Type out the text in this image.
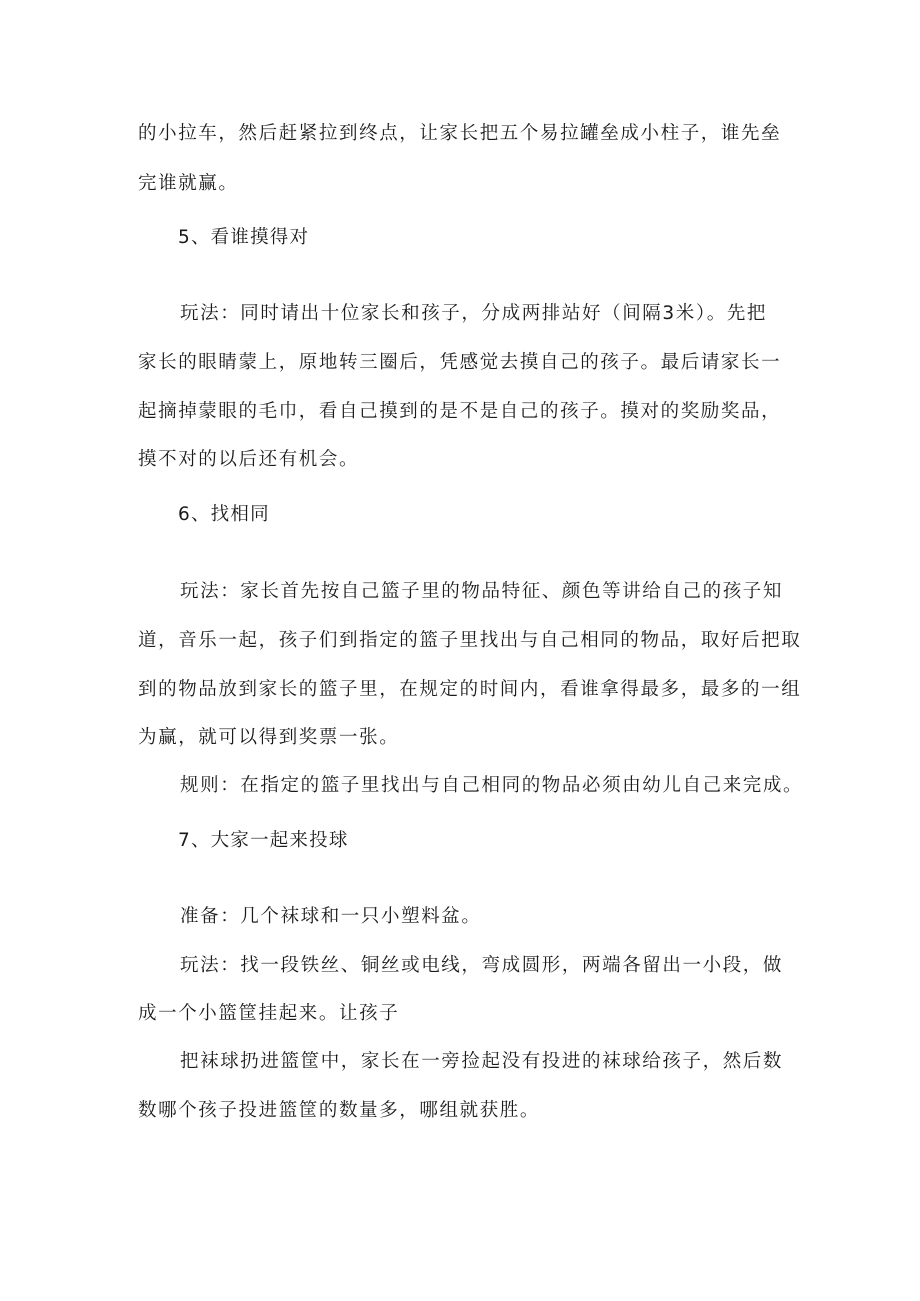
的小拉车，然后赶紧拉到终点，让家长把五个易拉罐垒成小柱子，谁先垒
完谁就赢。
5、看谁摸得对
玩法：同时请出十位家长和孩子，分成两排站好（间隔3米）。先把
家长的眼睛蒙上，原地转三圈后，凭感觉去摸自己的孩子。最后请家长一
起摘掉蒙眼的毛巾，看自己摸到的是不是自己的孩子。摸对的奖励奖品，
摸不对的以后还有机会。
6、找相同
玩法：家长首先按自己篮子里的物品特征、颜色等讲给自己的孩子知
道，音乐一起，孩子们到指定的篮子里找出与自己相同的物品，取好后把取
到的物品放到家长的篮子里，在规定的时间内，看谁拿得最多，最多的一组
为赢，就可以得到奖票一张。
规则：在指定的篮子里找出与自己相同的物品必须由幼儿自己来完成。
7、大家一起来投球
准备：几个袜球和一只小塑料盆。
玩法：找一段铁丝、铜丝或电线，弯成圆形，两端各留出一小段，做
成一个小篮筐挂起来。让孩子
把袜球扔进篮筐中，家长在一旁捡起没有投进的袜球给孩子，然后数
数哪个孩子投进篮筐的数量多，哪组就获胜。
